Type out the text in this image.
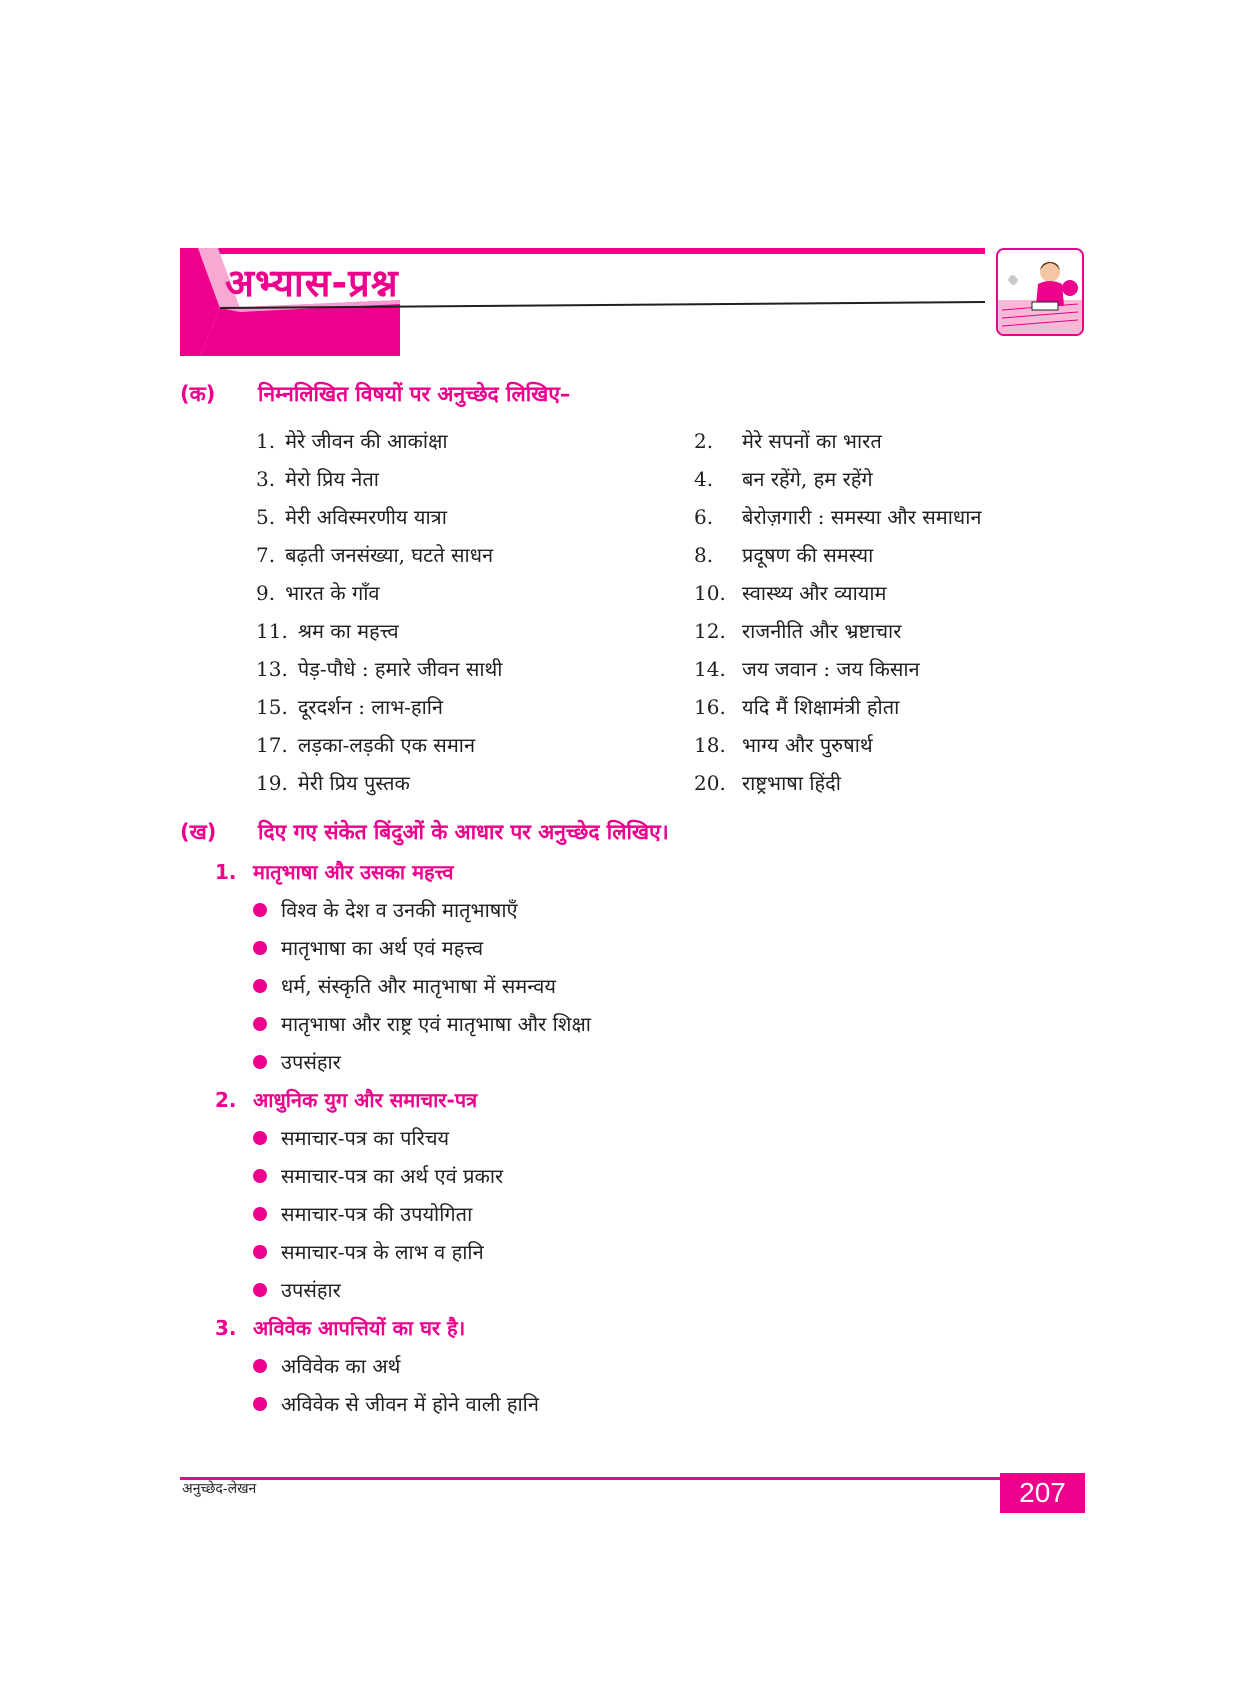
अभ्यास-प्रश्न
(क) निम्नलिखित विषयों पर अनुच्छेद लिखिए–
1. मेरे जीवन की आकांक्षा	2. मेरे सपनों का भारत
3. मेरो प्रिय नेता	4. बन रहेंगे, हम रहेंगे
5. मेरी अविस्मरणीय यात्रा	6. बेरोज़गारी : समस्या और समाधान
7. बढ़ती जनसंख्या, घटते साधन	8. प्रदूषण की समस्या
9. भारत के गाँव	10. स्वास्थ्य और व्यायाम
11. श्रम का महत्त्व	12. राजनीति और भ्रष्टाचार
13. पेड़-पौधे : हमारे जीवन साथी	14. जय जवान : जय किसान
15. दूरदर्शन : लाभ-हानि	16. यदि मैं शिक्षामंत्री होता
17. लड़का-लड़की एक समान	18. भाग्य और पुरुषार्थ
19. मेरी प्रिय पुस्तक	20. राष्ट्रभाषा हिंदी
(ख) दिए गए संकेत बिंदुओं के आधार पर अनुच्छेद लिखिए।
1. मातृभाषा और उसका महत्त्व
विश्व के देश व उनकी मातृभाषाएँ
मातृभाषा का अर्थ एवं महत्त्व
धर्म, संस्कृति और मातृभाषा में समन्वय
मातृभाषा और राष्ट्र एवं मातृभाषा और शिक्षा
उपसंहार
2. आधुनिक युग और समाचार-पत्र
समाचार-पत्र का परिचय
समाचार-पत्र का अर्थ एवं प्रकार
समाचार-पत्र की उपयोगिता
समाचार-पत्र के लाभ व हानि
उपसंहार
3. अविवेक आपत्तियों का घर है।
अविवेक का अर्थ
अविवेक से जीवन में होने वाली हानि
अनुच्छेद-लेखन	207
